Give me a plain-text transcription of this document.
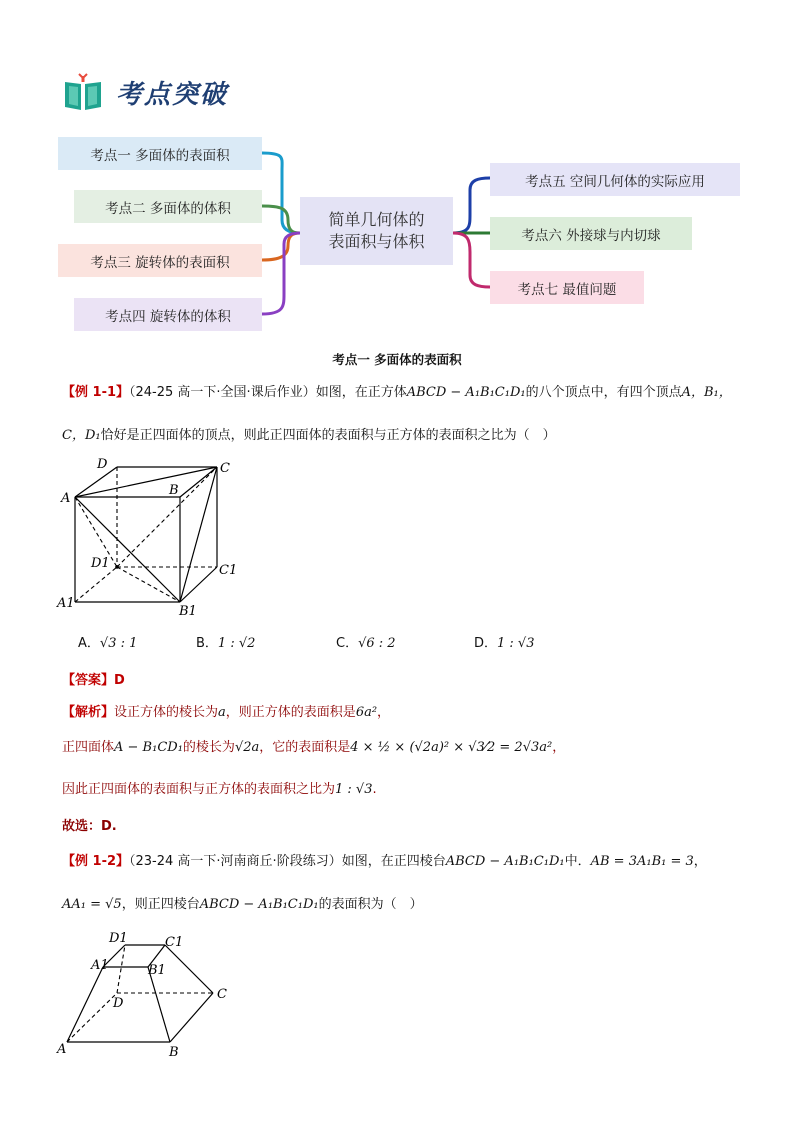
考点突破
考点一 多面体的表面积
考点二 多面体的体积
考点三 旋转体的表面积
考点四 旋转体的体积
简单几何体的
表面积与体积
考点五 空间几何体的实际应用
考点六 外接球与内切球
考点七 最值问题
考点一 多面体的表面积
【例 1-1】（24-25 高一下·全国·课后作业）如图，在正方体ABCD − A₁B₁C₁D₁的八个顶点中，有四个顶点A，B₁，
C，D₁恰好是正四面体的顶点，则此正四面体的表面积与正方体的表面积之比为（　）
D	C
A
B
D1	C1
A1
B1
A．√3 : 1	B．1 : √2	C．√6 : 2	D．1 : √3
【答案】D
【解析】设正方体的棱长为a，则正方体的表面积是6a²，
正四面体A − B₁CD₁的棱长为√2a，它的表面积是4 × ½ × (√2a)² × √3⁄2 = 2√3a²，
因此正四面体的表面积与正方体的表面积之比为1 : √3.
故选：D.
【例 1-2】（23-24 高一下·河南商丘·阶段练习）如图，在正四棱台ABCD − A₁B₁C₁D₁中．AB = 3A₁B₁ = 3，
AA₁ = √5，则正四棱台ABCD − A₁B₁C₁D₁的表面积为（　）
D1	C1
A1	B1
D
C
A	B
